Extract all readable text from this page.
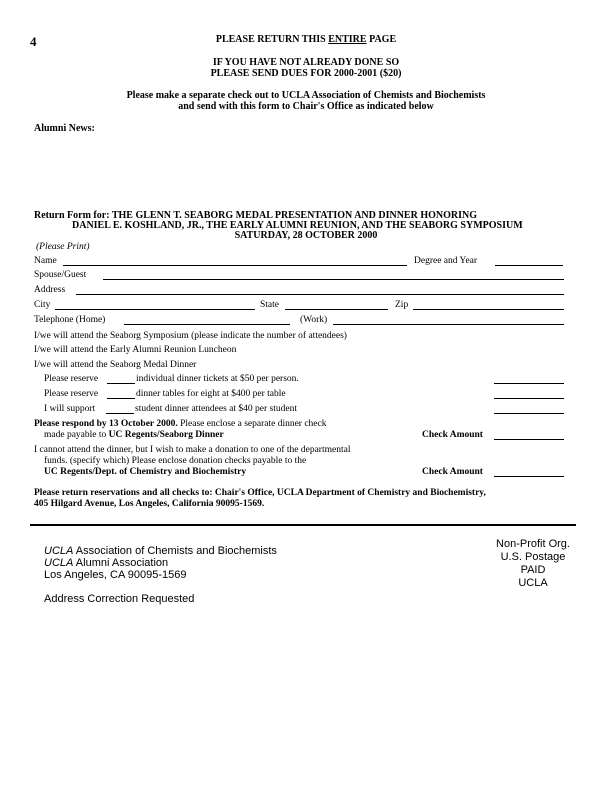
4	PLEASE RETURN THIS ENTIRE PAGE
IF YOU HAVE NOT ALREADY DONE SO
PLEASE SEND DUES FOR 2000-2001 ($20)
Please make a separate check out to UCLA Association of Chemists and Biochemists
and send with this form to Chair's Office as indicated below
Alumni News:
Return Form for: THE GLENN T. SEABORG MEDAL PRESENTATION AND DINNER HONORING
DANIEL E. KOSHLAND, JR., THE EARLY ALUMNI REUNION, AND THE SEABORG SYMPOSIUM
SATURDAY, 28 OCTOBER 2000
(Please Print)
Name	Degree and Year
Spouse/Guest
Address
City	State	Zip
Telephone (Home)	(Work)
I/we will attend the Seaborg Symposium (please indicate the number of attendees)
I/we will attend the Early Alumni Reunion Luncheon
I/we will attend the Seaborg Medal Dinner
Please reserve	individual dinner tickets at $50 per person.
Please reserve	dinner tables for eight at $400 per table
I will support	student dinner attendees at $40 per student
Please respond by 13 October 2000. Please enclose a separate dinner check
made payable to UC Regents/Seaborg Dinner	Check Amount
I cannot attend the dinner, but I wish to make a donation to one of the departmental
funds. (specify which) Please enclose donation checks payable to the
UC Regents/Dept. of Chemistry and Biochemistry	Check Amount
Please return reservations and all checks to: Chair's Office, UCLA Department of Chemistry and Biochemistry,
405 Hilgard Avenue, Los Angeles, California 90095-1569.
UCLA Association of Chemists and Biochemists
UCLA Alumni Association
Los Angeles, CA 90095-1569
Address Correction Requested
Non-Profit Org.
U.S. Postage
PAID
UCLA
